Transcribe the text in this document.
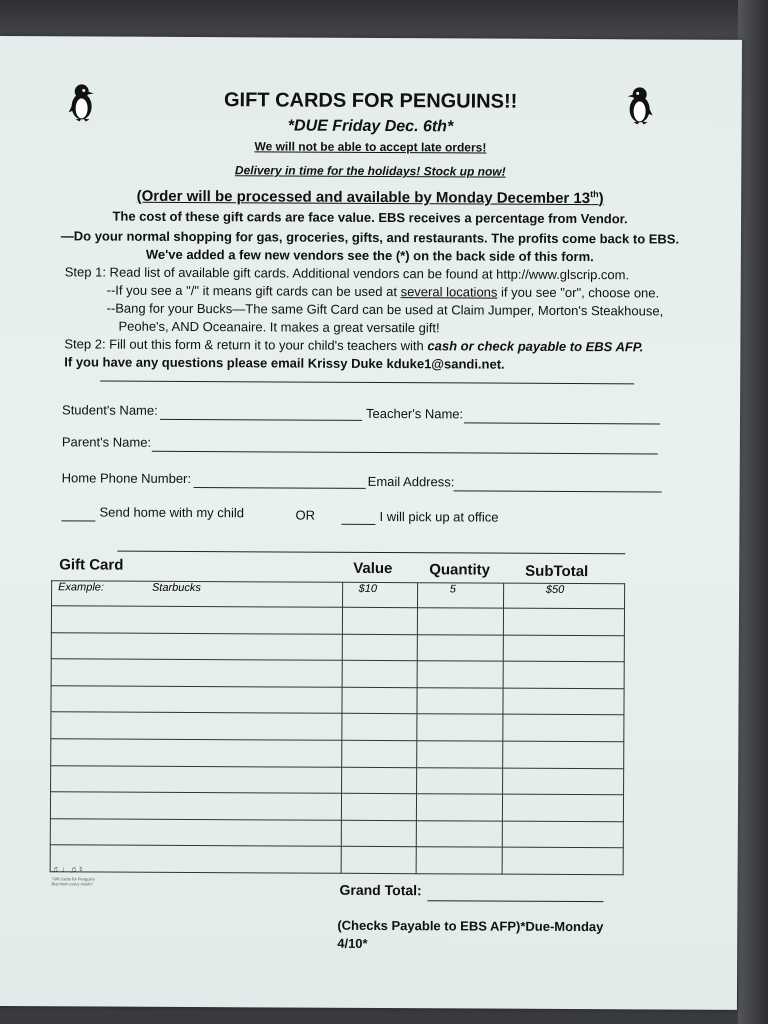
GIFT CARDS FOR PENGUINS!!
*DUE Friday Dec. 6th*
We will not be able to accept late orders!
Delivery in time for the holidays! Stock up now!
(Order will be processed and available by Monday December 13th)
The cost of these gift cards are face value. EBS receives a percentage from Vendor.
—Do your normal shopping for gas, groceries, gifts, and restaurants. The profits come back to EBS.
We've added a few new vendors see the (*) on the back side of this form.
Step 1: Read list of available gift cards. Additional vendors can be found at http://www.glscrip.com.
--If you see a "/" it means gift cards can be used at several locations if you see "or", choose one.
--Bang for your Bucks—The same Gift Card can be used at Claim Jumper, Morton's Steakhouse,
Peohe's, AND Oceanaire. It makes a great versatile gift!
Step 2: Fill out this form & return it to your child's teachers with cash or check payable to EBS AFP.
If you have any questions please email Krissy Duke kduke1@sandi.net.
Student's Name:	Teacher's Name:
Parent's Name:
Home Phone Number:	Email Address:
Send home with my child	OR	I will pick up at office
Gift Card	Value Quantity SubTotal
Example: Starbucks	$10	5	$50

♫ ♩♫ ♮
"Gift Cards for Penguins
Buy them every month"	Grand Total:
(Checks Payable to EBS AFP)*Due-Monday
4/10*
